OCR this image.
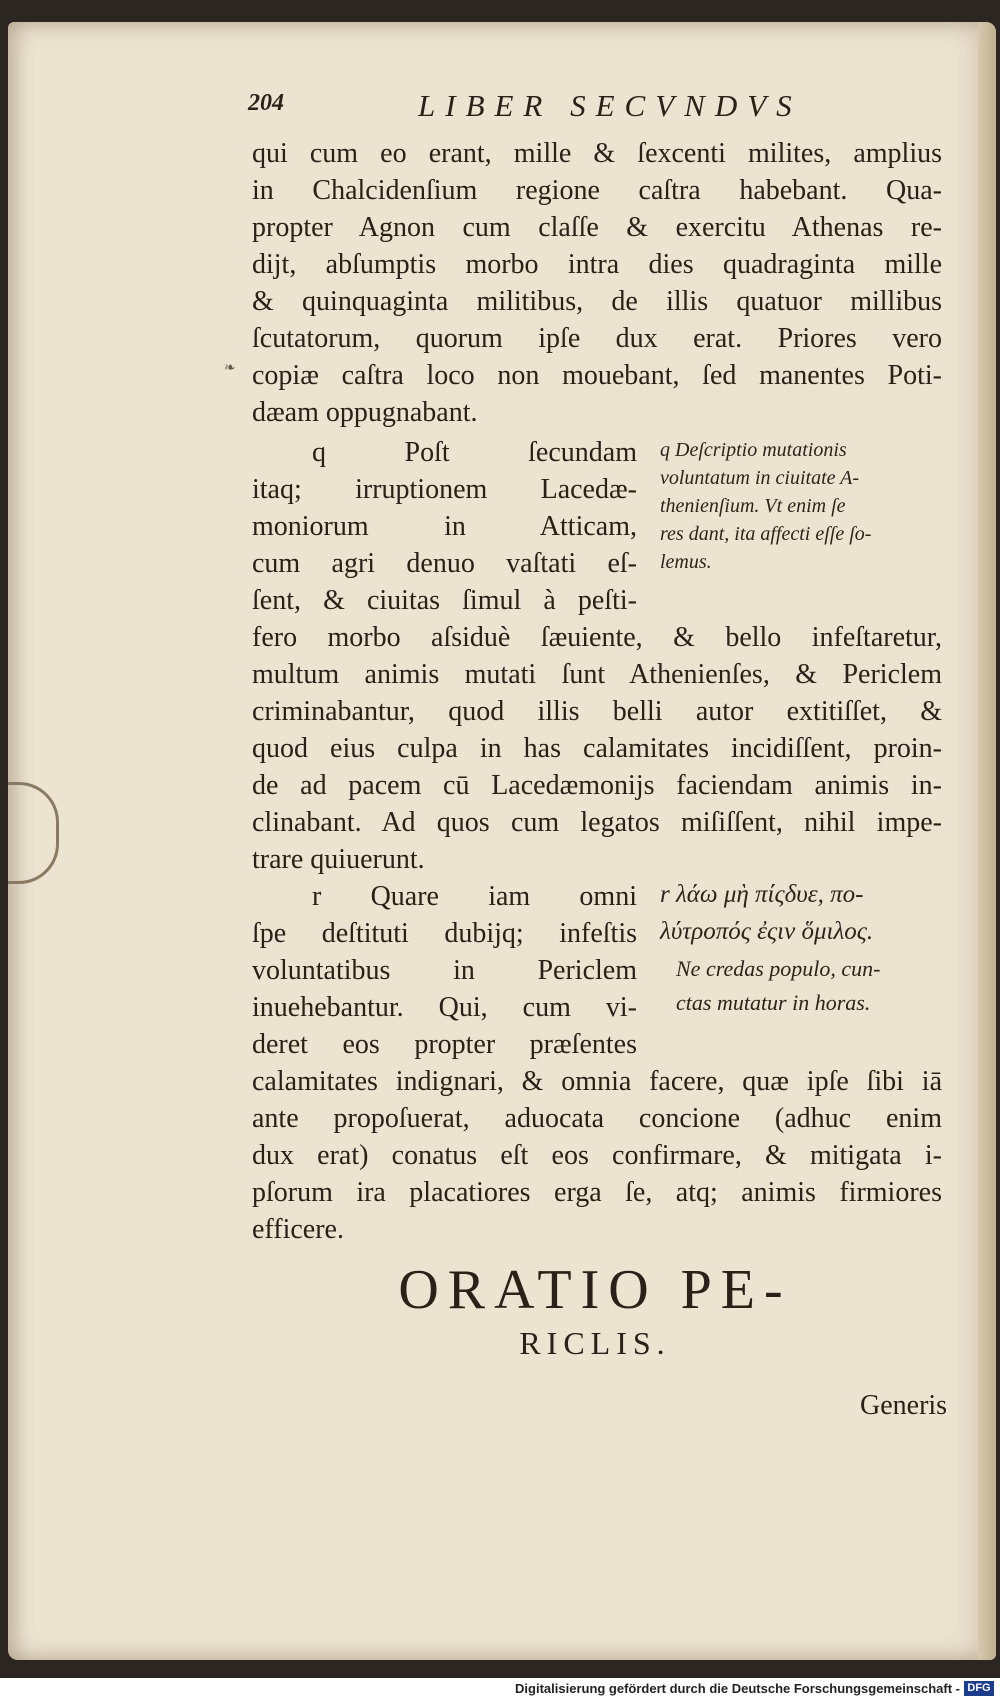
204	LIBER SECVNDVS
qui cum eo erant, mille & ſexcenti milites, amplius
in Chalcidenſium regione caſtra habebant. Qua-
propter Agnon cum claſſe & exercitu Athenas re-
dijt, abſumptis morbo intra dies quadraginta mille
& quinquaginta militibus, de illis quatuor millibus
ſcutatorum, quorum ipſe dux erat. Priores vero
copiæ caſtra loco non mouebant, ſed manentes Poti-
dæam oppugnabant.
❧
q Poſt ſecundam
itaq; irruptionem Lacedæ-
moniorum in Atticam,
cum agri denuo vaſtati eſ-
ſent, & ciuitas ſimul à peſti-
q Deſcriptio mutationis
voluntatum in ciuitate A-
thenienſium. Vt enim ſe
res dant, ita affecti eſſe ſo-
lemus.
fero morbo aſsiduè ſæuiente, & bello infeſtaretur,
multum animis mutati ſunt Athenienſes, & Periclem
criminabantur, quod illis belli autor extitiſſet, &
quod eius culpa in has calamitates incidiſſent, proin-
de ad pacem cū Lacedæmonijs faciendam animis in-
clinabant. Ad quos cum legatos miſiſſent, nihil impe-
trare quiuerunt.
r Quare iam omni
ſpe deſtituti dubijq; infeſtis
voluntatibus in Periclem
inuehebantur. Qui, cum vi-
deret eos propter præſentes
r λάω μὴ πίςδυε, πο-
λύτροπός ἐςιν ὅμιλος.
Ne credas populo, cun-
ctas mutatur in horas.
calamitates indignari, & omnia facere, quæ ipſe ſibi iā
ante propoſuerat, aduocata concione (adhuc enim
dux erat) conatus eſt eos confirmare, & mitigata i-
pſorum ira placatiores erga ſe, atq; animis firmiores
efficere.
ORATIO PE-
RICLIS.
Generis
Digitalisierung gefördert durch die Deutsche Forschungsgemeinschaft - DFG
